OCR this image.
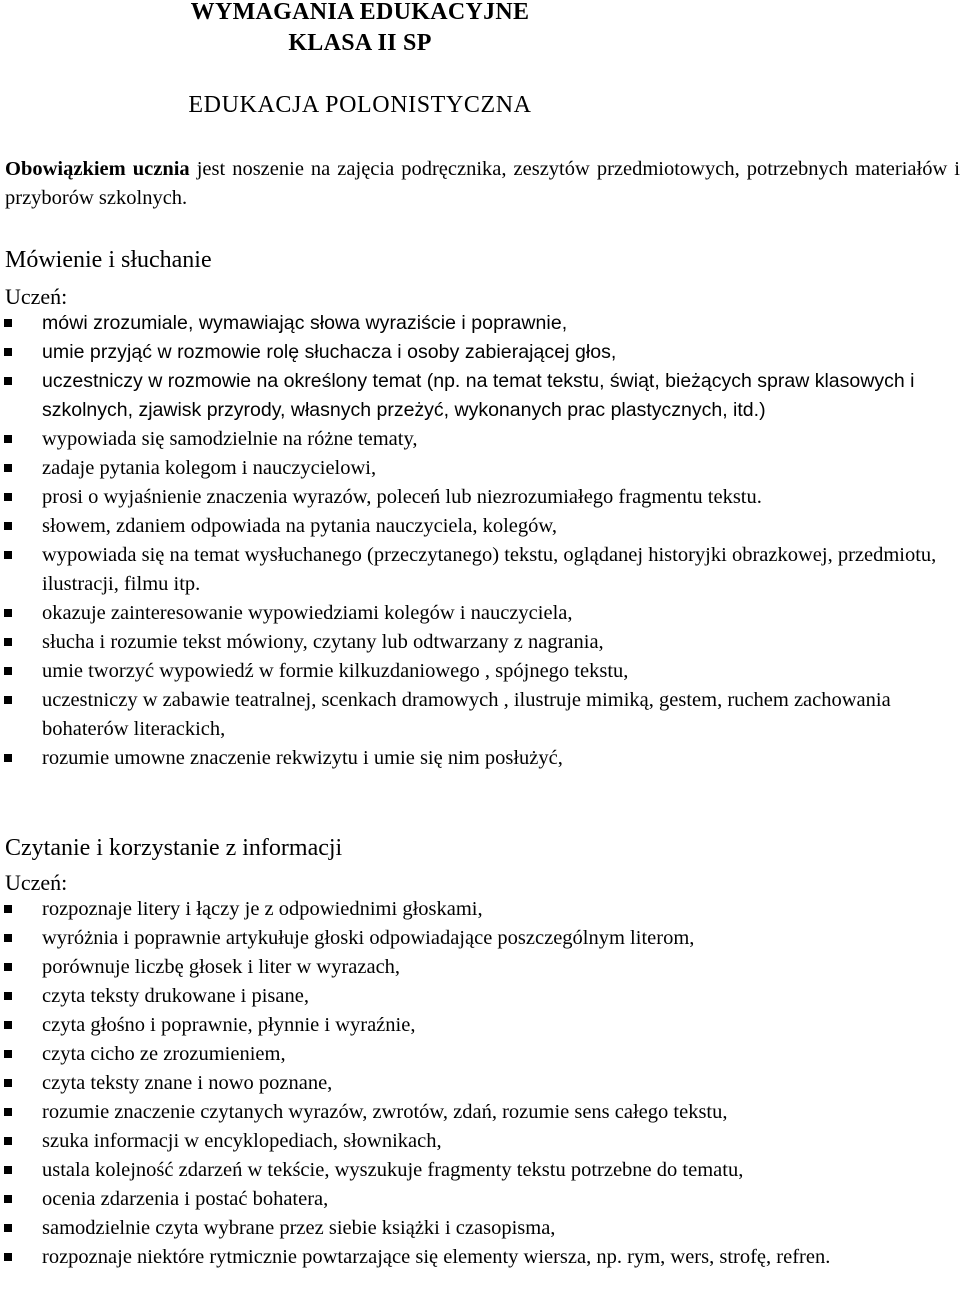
WYMAGANIA EDUKACYJNE
KLASA II SP
EDUKACJA POLONISTYCZNA
Obowiązkiem ucznia jest noszenie na zajęcia podręcznika, zeszytów przedmiotowych, potrzebnych materiałów i przyborów szkolnych.
Mówienie i słuchanie
Uczeń:
mówi zrozumiale, wymawiając słowa wyraziście i poprawnie,
umie przyjąć w rozmowie rolę słuchacza i osoby zabierającej głos,
uczestniczy w rozmowie na określony temat (np. na temat tekstu, świąt, bieżących spraw klasowych i szkolnych, zjawisk przyrody, własnych przeżyć, wykonanych prac plastycznych, itd.)
wypowiada się samodzielnie na różne tematy,
zadaje pytania kolegom i nauczycielowi,
prosi o wyjaśnienie znaczenia wyrazów, poleceń lub niezrozumiałego fragmentu tekstu.
słowem, zdaniem odpowiada na pytania nauczyciela, kolegów,
wypowiada się na temat wysłuchanego (przeczytanego) tekstu, oglądanej historyjki obrazkowej, przedmiotu, ilustracji, filmu itp.
okazuje zainteresowanie wypowiedziami kolegów i nauczyciela,
słucha i rozumie tekst mówiony, czytany lub odtwarzany z nagrania,
umie tworzyć wypowiedź w formie kilkuzdaniowego , spójnego tekstu,
uczestniczy w zabawie teatralnej, scenkach dramowych , ilustruje mimiką, gestem, ruchem zachowania bohaterów literackich,
rozumie umowne znaczenie rekwizytu i umie się nim posłużyć,
Czytanie i korzystanie z informacji
Uczeń:
rozpoznaje litery i łączy je z odpowiednimi głoskami,
wyróżnia i poprawnie artykułuje głoski odpowiadające poszczególnym literom,
porównuje liczbę głosek i liter w wyrazach,
czyta teksty drukowane i pisane,
czyta głośno i poprawnie, płynnie i wyraźnie,
czyta cicho ze zrozumieniem,
czyta teksty znane i nowo poznane,
rozumie znaczenie czytanych wyrazów, zwrotów, zdań, rozumie sens całego tekstu,
szuka informacji w encyklopediach, słownikach,
ustala kolejność zdarzeń w tekście, wyszukuje fragmenty tekstu potrzebne do tematu,
ocenia zdarzenia i postać bohatera,
samodzielnie czyta wybrane przez siebie książki i czasopisma,
rozpoznaje niektóre rytmicznie powtarzające się elementy wiersza, np. rym, wers, strofę, refren.
